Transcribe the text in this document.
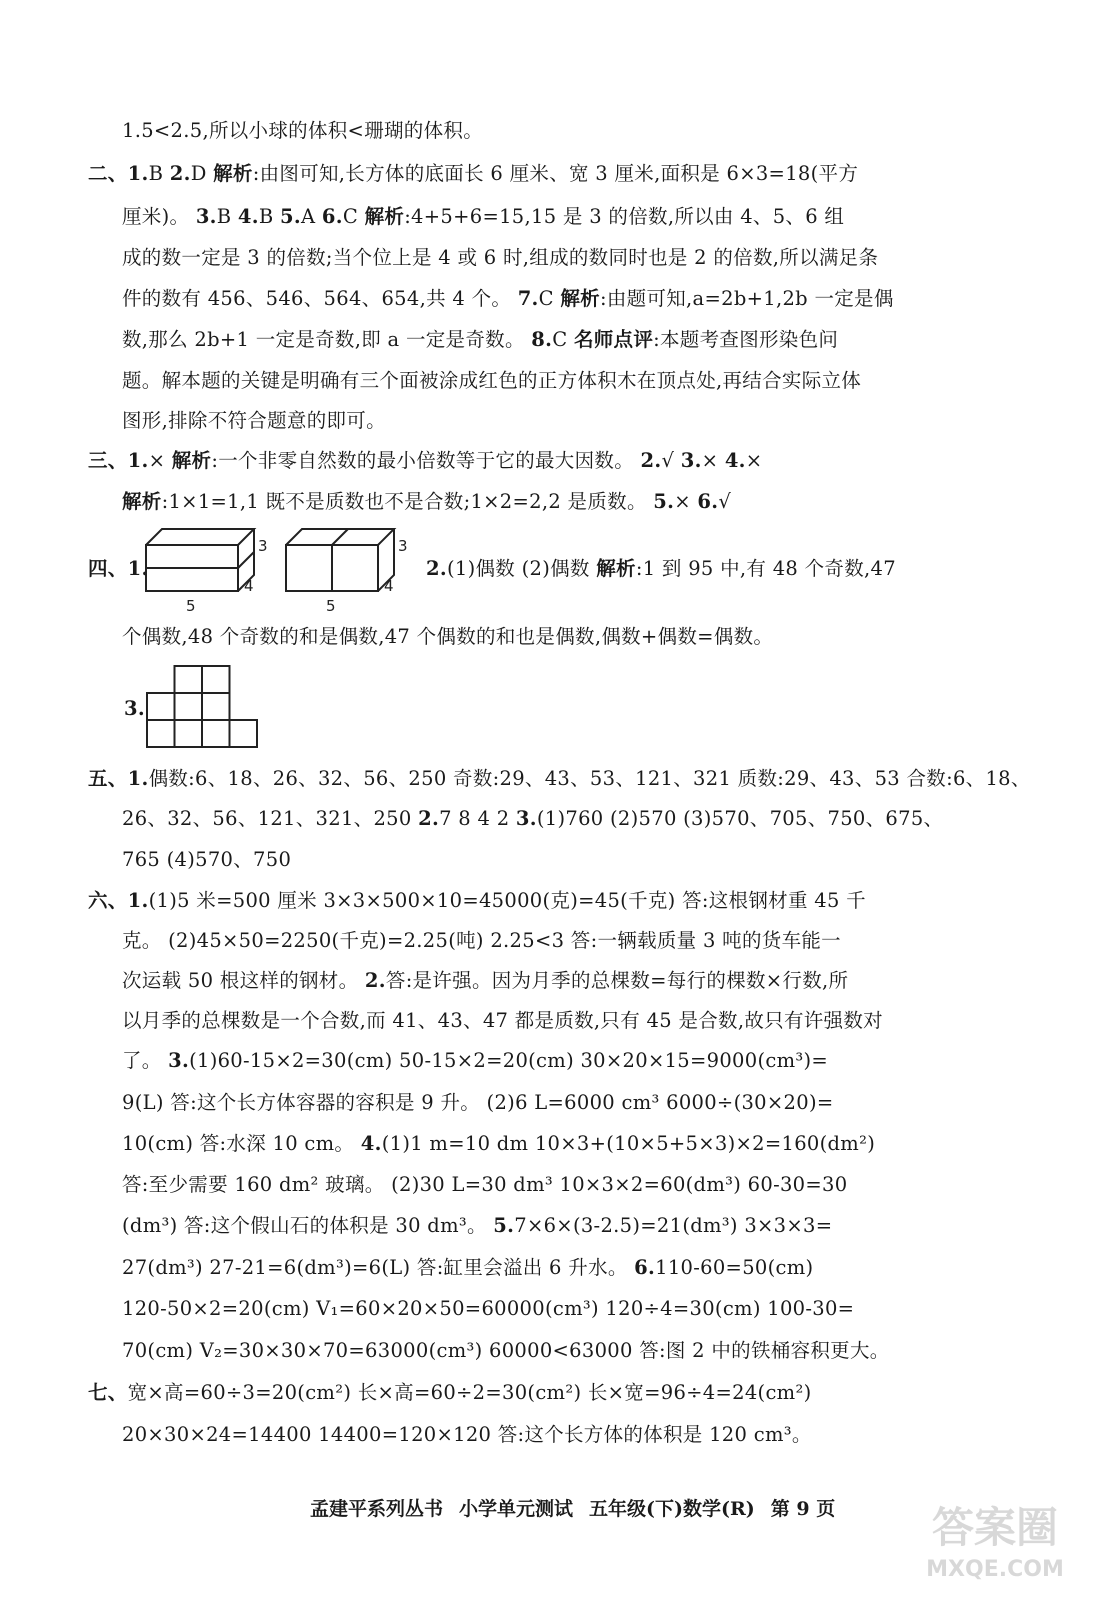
1.5<2.5,所以小球的体积<珊瑚的体积。
二、1.B 2.D 解析:由图可知,长方体的底面长 6 厘米、宽 3 厘米,面积是 6×3=18(平方
厘米)。 3.B 4.B 5.A 6.C 解析:4+5+6=15,15 是 3 的倍数,所以由 4、5、6 组
成的数一定是 3 的倍数;当个位上是 4 或 6 时,组成的数同时也是 2 的倍数,所以满足条
件的数有 456、546、564、654,共 4 个。 7.C 解析:由题可知,a=2b+1,2b 一定是偶
数,那么 2b+1 一定是奇数,即 a 一定是奇数。 8.C 名师点评:本题考查图形染色问
题。解本题的关键是明确有三个面被涂成红色的正方体积木在顶点处,再结合实际立体
图形,排除不符合题意的即可。
三、1.× 解析:一个非零自然数的最小倍数等于它的最大因数。 2.√ 3.× 4.×
解析:1×1=1,1 既不是质数也不是合数;1×2=2,2 是质数。 5.× 6.√
四、1.
3
4
5
3
4
5
2.(1)偶数 (2)偶数 解析:1 到 95 中,有 48 个奇数,47
个偶数,48 个奇数的和是偶数,47 个偶数的和也是偶数,偶数+偶数=偶数。
3.
五、1.偶数:6、18、26、32、56、250 奇数:29、43、53、121、321 质数:29、43、53 合数:6、18、
26、32、56、121、321、250 2.7 8 4 2 3.(1)760 (2)570 (3)570、705、750、675、
765 (4)570、750
六、1.(1)5 米=500 厘米 3×3×500×10=45000(克)=45(千克) 答:这根钢材重 45 千
克。 (2)45×50=2250(千克)=2.25(吨) 2.25<3 答:一辆载质量 3 吨的货车能一
次运载 50 根这样的钢材。 2.答:是许强。因为月季的总棵数=每行的棵数×行数,所
以月季的总棵数是一个合数,而 41、43、47 都是质数,只有 45 是合数,故只有许强数对
了。 3.(1)60-15×2=30(cm) 50-15×2=20(cm) 30×20×15=9000(cm³)=
9(L) 答:这个长方体容器的容积是 9 升。 (2)6 L=6000 cm³ 6000÷(30×20)=
10(cm) 答:水深 10 cm。 4.(1)1 m=10 dm 10×3+(10×5+5×3)×2=160(dm²)
答:至少需要 160 dm² 玻璃。 (2)30 L=30 dm³ 10×3×2=60(dm³) 60-30=30
(dm³) 答:这个假山石的体积是 30 dm³。 5.7×6×(3-2.5)=21(dm³) 3×3×3=
27(dm³) 27-21=6(dm³)=6(L) 答:缸里会溢出 6 升水。 6.110-60=50(cm)
120-50×2=20(cm) V₁=60×20×50=60000(cm³) 120÷4=30(cm) 100-30=
70(cm) V₂=30×30×70=63000(cm³) 60000<63000 答:图 2 中的铁桶容积更大。
七、宽×高=60÷3=20(cm²) 长×高=60÷2=30(cm²) 长×宽=96÷4=24(cm²)
20×30×24=14400 14400=120×120 答:这个长方体的体积是 120 cm³。
孟建平系列丛书 小学单元测试 五年级(下)数学(R) 第 9 页	答案圈
MXQE.COM
